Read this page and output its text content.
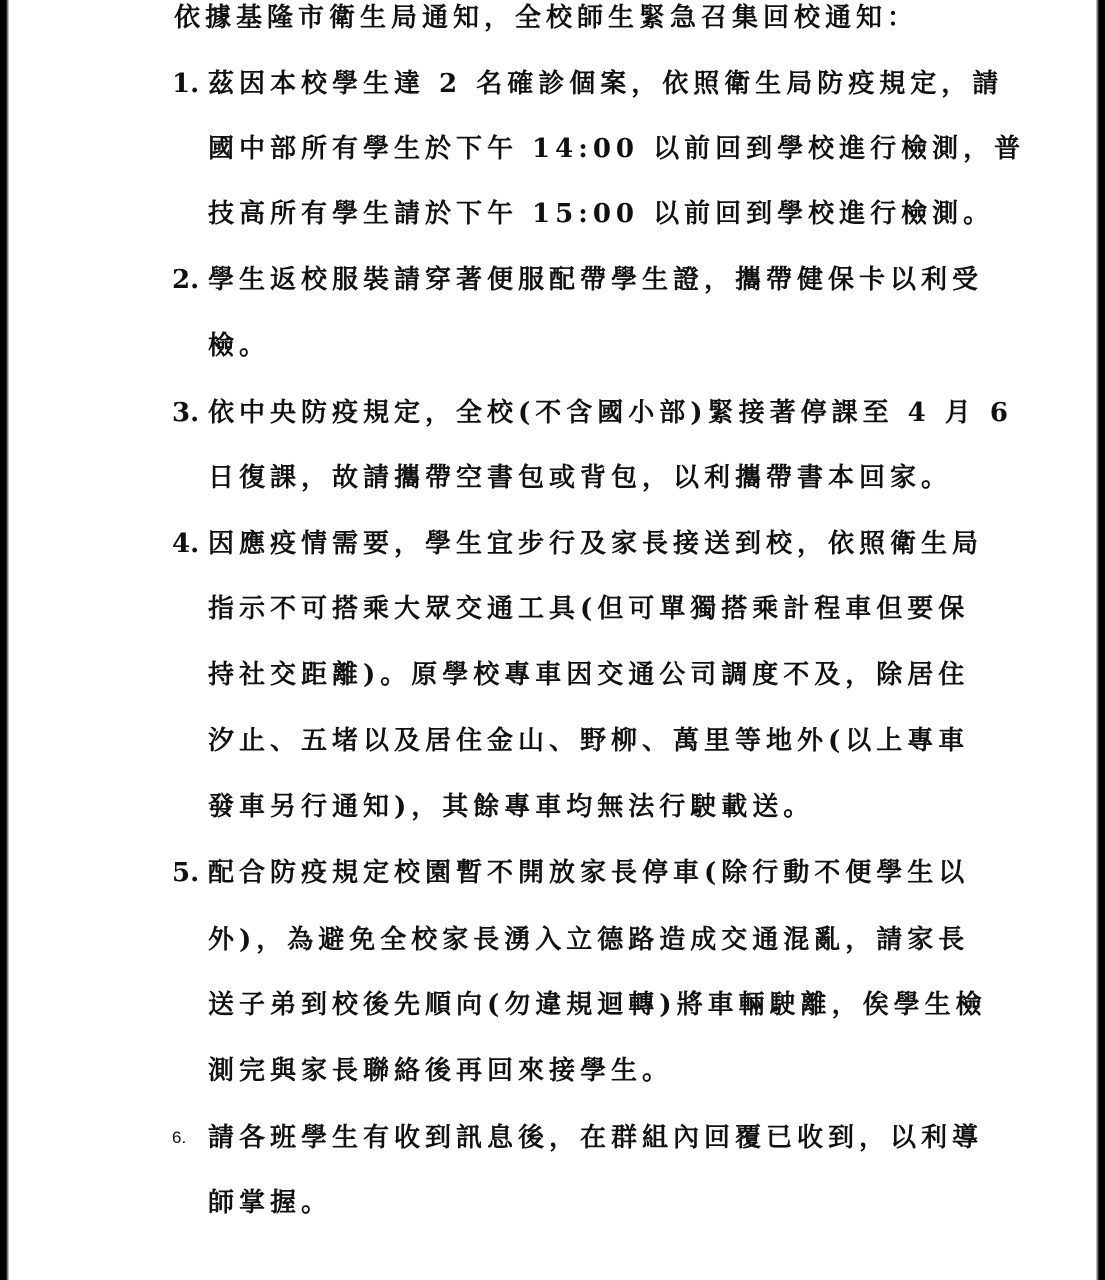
依據基隆市衛生局通知，全校師生緊急召集回校通知：
1. 茲因本校學生達 2 名確診個案，依照衛生局防疫規定，請
國中部所有學生於下午 14:00 以前回到學校進行檢測，普
技高所有學生請於下午 15:00 以前回到學校進行檢測。
2. 學生返校服裝請穿著便服配帶學生證，攜帶健保卡以利受
檢。
3. 依中央防疫規定，全校(不含國小部)緊接著停課至 4 月 6
日復課，故請攜帶空書包或背包，以利攜帶書本回家。
4. 因應疫情需要，學生宜步行及家長接送到校，依照衛生局
指示不可搭乘大眾交通工具(但可單獨搭乘計程車但要保
持社交距離)。原學校專車因交通公司調度不及，除居住
汐止、五堵以及居住金山、野柳、萬里等地外(以上專車
發車另行通知)，其餘專車均無法行駛載送。
5. 配合防疫規定校園暫不開放家長停車(除行動不便學生以
外)，為避免全校家長湧入立德路造成交通混亂，請家長
送子弟到校後先順向(勿違規迴轉)將車輛駛離，俟學生檢
測完與家長聯絡後再回來接學生。
6. 請各班學生有收到訊息後，在群組內回覆已收到，以利導
師掌握。
